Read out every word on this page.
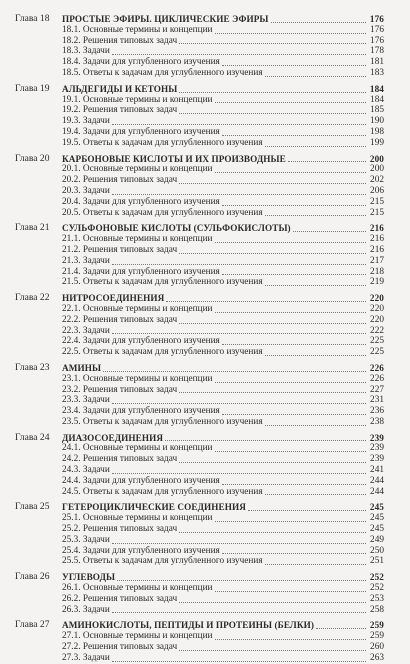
Глава 18 ПРОСТЫЕ ЭФИРЫ. ЦИКЛИЧЕСКИЕ ЭФИРЫ	176
18.1. Основные термины и концепции	176
18.2. Решения типовых задач	176
18.3. Задачи	178
18.4. Задачи для углубленного изучения	181
18.5. Ответы к задачам для углубленного изучения	183
Глава 19 АЛЬДЕГИДЫ И КЕТОНЫ	184
19.1. Основные термины и концепции	184
19.2. Решения типовых задач	185
19.3. Задачи	190
19.4. Задачи для углубленного изучения	198
19.5. Ответы к задачам для углубленного изучения	199
Глава 20 КАРБОНОВЫЕ КИСЛОТЫ И ИХ ПРОИЗВОДНЫЕ	200
20.1. Основные термины и концепции	200
20.2. Решения типовых задач	202
20.3. Задачи	206
20.4. Задачи для углубленного изучения	215
20.5. Ответы к задачам для углубленного изучения	215
Глава 21 СУЛЬФОНОВЫЕ КИСЛОТЫ (СУЛЬФОКИСЛОТЫ)	216
21.1. Основные термины и концепции	216
21.2. Решения типовых задач	216
21.3. Задачи	217
21.4. Задачи для углубленного изучения	218
21.5. Ответы к задачам для углубленного изучения	219
Глава 22 НИТРОСОЕДИНЕНИЯ	220
22.1. Основные термины и концепции	220
22.2. Решения типовых задач	220
22.3. Задачи	222
22.4. Задачи для углубленного изучения	225
22.5. Ответы к задачам для углубленного изучения	225
Глава 23 АМИНЫ	226
23.1. Основные термины и концепции	226
23.2. Решения типовых задач	227
23.3. Задачи	231
23.4. Задачи для углубленного изучения	236
23.5. Ответы к задачам для углубленного изучения	238
Глава 24 ДИАЗОСОЕДИНЕНИЯ	239
24.1. Основные термины и концепции	239
24.2. Решения типовых задач	239
24.3. Задачи	241
24.4. Задачи для углубленного изучения	244
24.5. Ответы к задачам для углубленного изучения	244
Глава 25 ГЕТЕРОЦИКЛИЧЕСКИЕ СОЕДИНЕНИЯ	245
25.1. Основные термины и концепции	245
25.2. Решения типовых задач	245
25.3. Задачи	249
25.4. Задачи для углубленного изучения	250
25.5. Ответы к задачам для углубленного изучения	251
Глава 26 УГЛЕВОДЫ	252
26.1. Основные термины и концепции	252
26.2. Решения типовых задач	253
26.3. Задачи	258
Глава 27 АМИНОКИСЛОТЫ, ПЕПТИДЫ И ПРОТЕИНЫ (БЕЛКИ)	259
27.1. Основные термины и концепции	259
27.2. Решения типовых задач	260
27.3. Задачи	263
